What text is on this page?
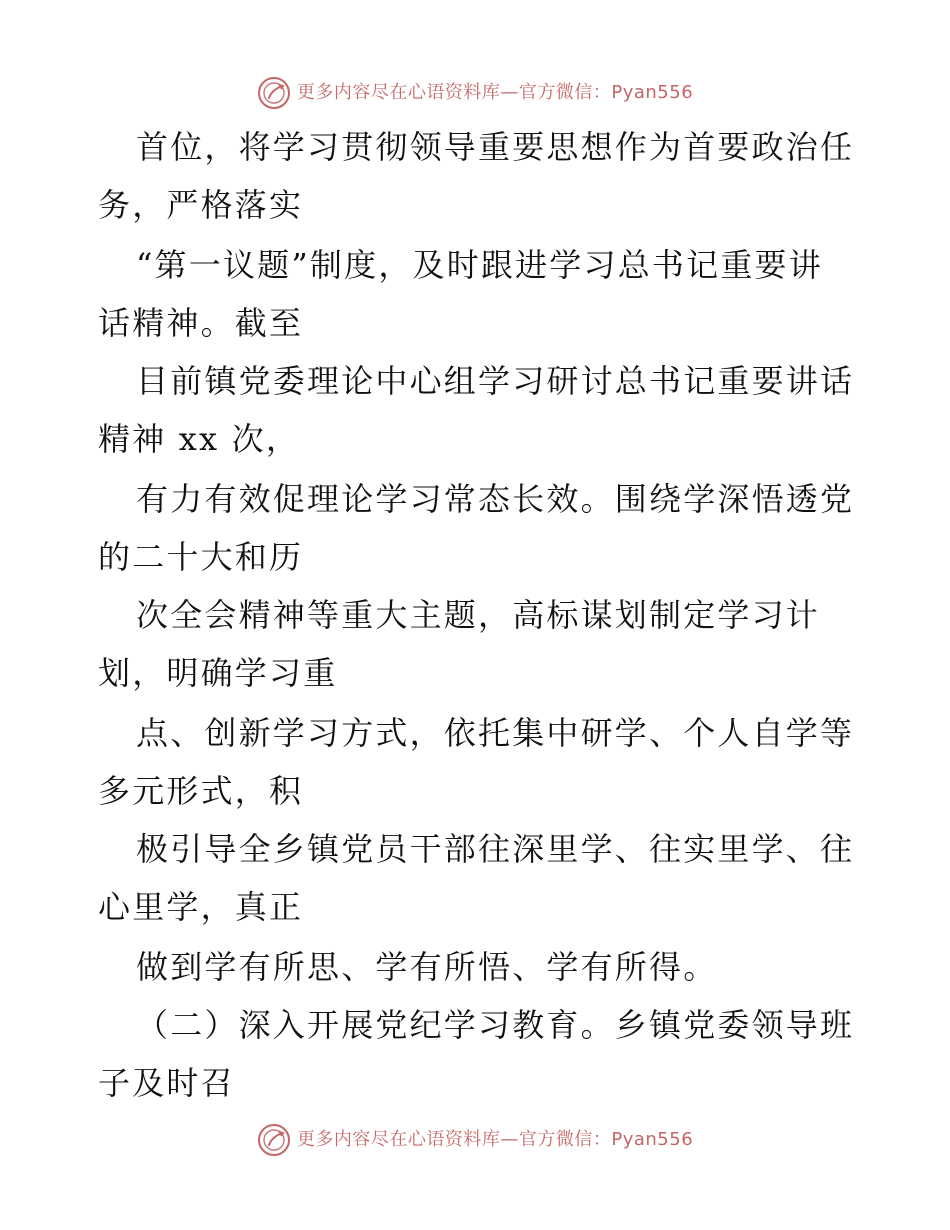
更多内容尽在心语资料库—官方微信：Pyan556
首位，将学习贯彻领导重要思想作为首要政治任
务，严格落实
“第一议题”制度，及时跟进学习总书记重要讲
话精神。截至
目前镇党委理论中心组学习研讨总书记重要讲话
精神 xx 次，
有力有效促理论学习常态长效。围绕学深悟透党
的二十大和历
次全会精神等重大主题，高标谋划制定学习计
划，明确学习重
点、创新学习方式，依托集中研学、个人自学等
多元形式，积
极引导全乡镇党员干部往深里学、往实里学、往
心里学，真正
做到学有所思、学有所悟、学有所得。
（二）深入开展党纪学习教育。乡镇党委领导班
子及时召
更多内容尽在心语资料库—官方微信：Pyan556
